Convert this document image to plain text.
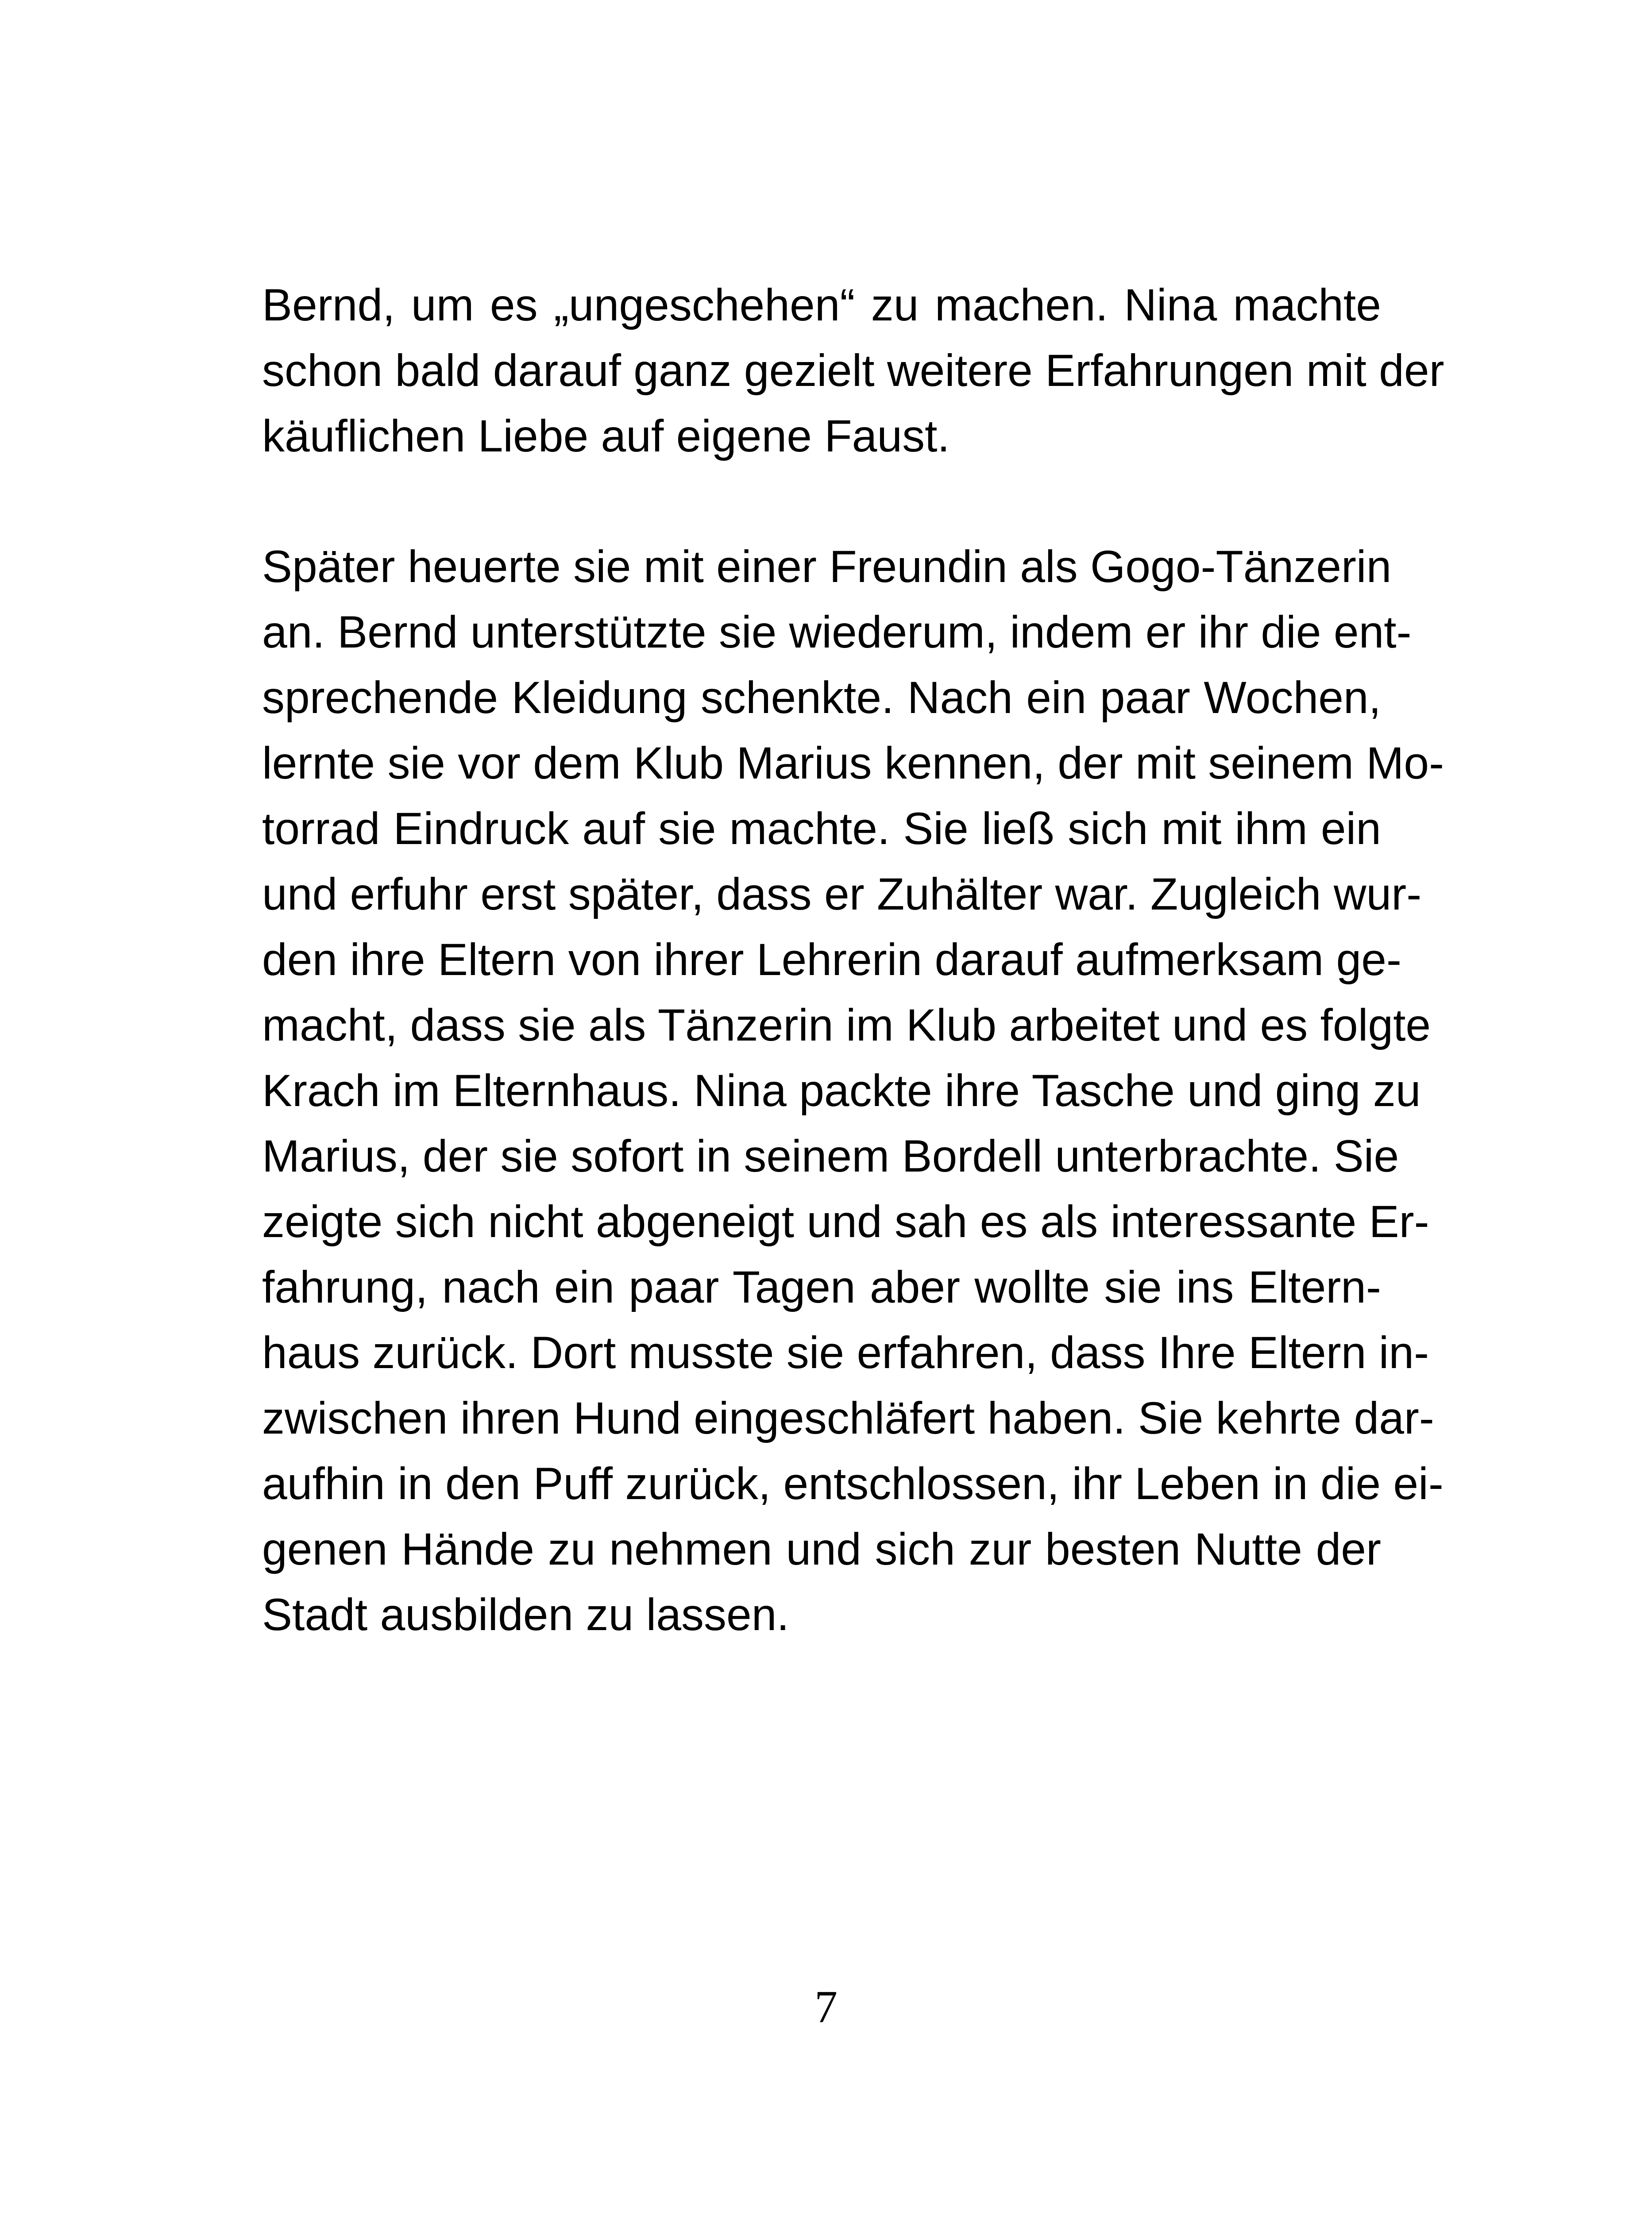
Bernd, um es „ungeschehen“ zu machen. Nina machte
schon bald darauf ganz gezielt weitere Erfahrungen mit der
käuflichen Liebe auf eigene Faust.
Später heuerte sie mit einer Freundin als Gogo-Tänzerin
an. Bernd unterstützte sie wiederum, indem er ihr die ent-
sprechende Kleidung schenkte. Nach ein paar Wochen,
lernte sie vor dem Klub Marius kennen, der mit seinem Mo-
torrad Eindruck auf sie machte. Sie ließ sich mit ihm ein
und erfuhr erst später, dass er Zuhälter war. Zugleich wur-
den ihre Eltern von ihrer Lehrerin darauf aufmerksam ge-
macht, dass sie als Tänzerin im Klub arbeitet und es folgte
Krach im Elternhaus. Nina packte ihre Tasche und ging zu
Marius, der sie sofort in seinem Bordell unterbrachte. Sie
zeigte sich nicht abgeneigt und sah es als interessante Er-
fahrung, nach ein paar Tagen aber wollte sie ins Eltern-
haus zurück. Dort musste sie erfahren, dass Ihre Eltern in-
zwischen ihren Hund eingeschläfert haben. Sie kehrte dar-
aufhin in den Puff zurück, entschlossen, ihr Leben in die ei-
genen Hände zu nehmen und sich zur besten Nutte der
Stadt ausbilden zu lassen.
7
